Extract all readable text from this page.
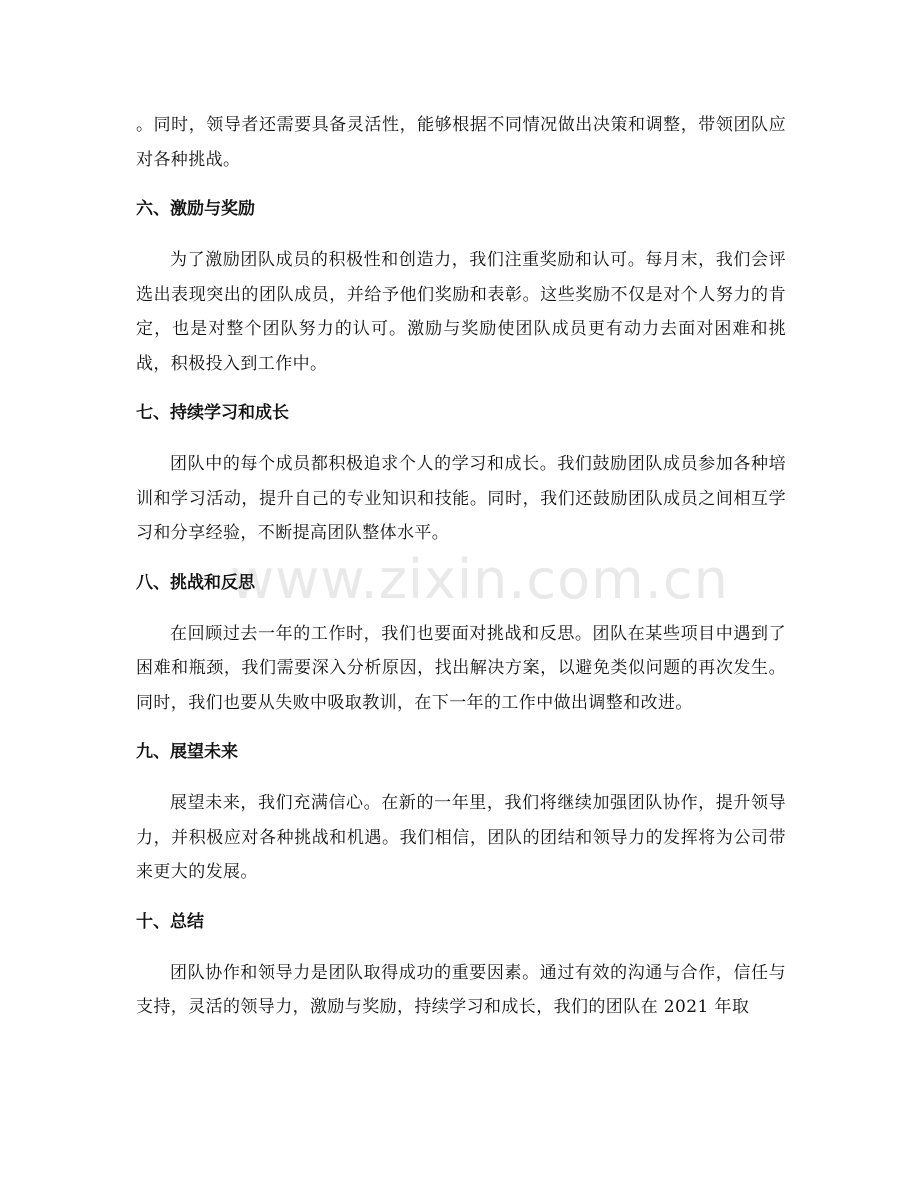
。同时，领导者还需要具备灵活性，能够根据不同情况做出决策和调整，带领团队应对各种挑战。

六、激励与奖励

为了激励团队成员的积极性和创造力，我们注重奖励和认可。每月末，我们会评选出表现突出的团队成员，并给予他们奖励和表彰。这些奖励不仅是对个人努力的肯定，也是对整个团队努力的认可。激励与奖励使团队成员更有动力去面对困难和挑战，积极投入到工作中。

七、持续学习和成长

团队中的每个成员都积极追求个人的学习和成长。我们鼓励团队成员参加各种培训和学习活动，提升自己的专业知识和技能。同时，我们还鼓励团队成员之间相互学习和分享经验，不断提高团队整体水平。

八、挑战和反思

在回顾过去一年的工作时，我们也要面对挑战和反思。团队在某些项目中遇到了困难和瓶颈，我们需要深入分析原因，找出解决方案，以避免类似问题的再次发生。同时，我们也要从失败中吸取教训，在下一年的工作中做出调整和改进。

九、展望未来

展望未来，我们充满信心。在新的一年里，我们将继续加强团队协作，提升领导力，并积极应对各种挑战和机遇。我们相信，团队的团结和领导力的发挥将为公司带来更大的发展。

十、总结

团队协作和领导力是团队取得成功的重要因素。通过有效的沟通与合作，信任与支持，灵活的领导力，激励与奖励，持续学习和成长，我们的团队在 2021 年取

www.zixin.com.cn
